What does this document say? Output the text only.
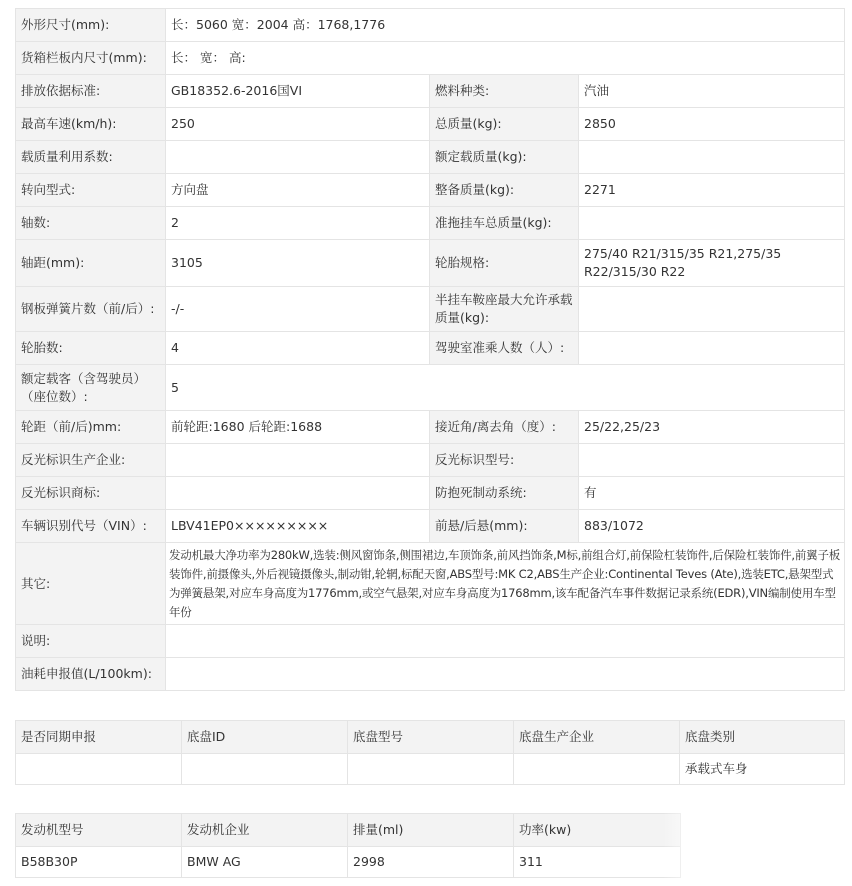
外形尺寸(mm):	长：5060 宽：2004 高：1768,1776		
货箱栏板内尺寸(mm):	长： 宽： 高:		
排放依据标准:	GB18352.6-2016国VI	燃料种类:	汽油
最高车速(km/h):	250	总质量(kg):	2850
载质量利用系数:		额定载质量(kg):	
转向型式:	方向盘	整备质量(kg):	2271
轴数:	2	准拖挂车总质量(kg):	
轴距(mm):	3105	轮胎规格:	275/40 R21/315/35 R21,275/35 R22/315/30 R22
钢板弹簧片数（前/后）:	-/-	半挂车鞍座最大允许承载质量(kg):	
轮胎数:	4	驾驶室准乘人数（人）:	
额定载客（含驾驶员）（座位数）:	5		
轮距（前/后)mm:	前轮距:1680 后轮距:1688	接近角/离去角（度）:	25/22,25/23
反光标识生产企业:		反光标识型号:	
反光标识商标:		防抱死制动系统:	有
车辆识别代号（VIN）:	LBV41EP0×××××××××	前悬/后悬(mm):	883/1072
其它:	发动机最大净功率为280kW,选装:侧风窗饰条,侧围裙边,车顶饰条,前风挡饰条,M标,前组合灯,前保险杠装饰件,后保险杠装饰件,前翼子板装饰件,前摄像头,外后视镜摄像头,制动钳,轮辋,标配天窗,ABS型号:MK C2,ABS生产企业:Continental Teves (Ate),选装ETC,悬架型式为弹簧悬架,对应车身高度为1776mm,或空气悬架,对应车身高度为1768mm,该车配备汽车事件数据记录系统(EDR),VIN编制使用车型年份		
说明:			
油耗申报值(L/100km):			
是否同期申报	底盘ID	底盘型号	底盘生产企业	底盘类别
				承载式车身
发动机型号	发动机企业	排量(ml)	功率(kw)
B58B30P	BMW AG	2998	311
